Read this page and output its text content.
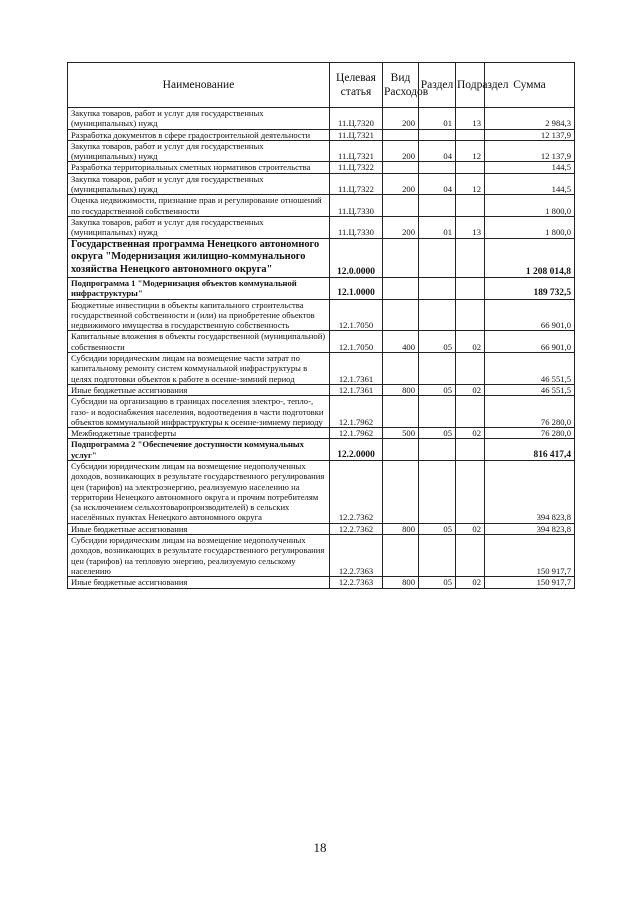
Наименование	Целевая статья	Вид Расходов	Раздел	Подраздел	Сумма
Закупка товаров, работ и услуг для государственных (муниципальных) нужд	11.Ц.7320	200	01	13	2 984,3
Разработка документов в сфере градостроительной деятельности	11.Ц.7321				12 137,9
Закупка товаров, работ и услуг для государственных (муниципальных) нужд	11.Ц.7321	200	04	12	12 137,9
Разработка территориальных сметных нормативов строительства	11.Ц.7322				144,5
Закупка товаров, работ и услуг для государственных (муниципальных) нужд	11.Ц.7322	200	04	12	144,5
Оценка недвижимости, признание прав и регулирование отношений по государственной собственности	11.Ц.7330				1 800,0
Закупка товаров, работ и услуг для государственных (муниципальных) нужд	11.Ц.7330	200	01	13	1 800,0
Государственная программа Ненецкого автономного округа "Модернизация жилищно-коммунального хозяйства Ненецкого автономного округа"	12.0.0000				1 208 014,8
Подпрограмма 1 "Модернизация объектов коммунальной инфраструктуры"	12.1.0000				189 732,5
Бюджетные инвестиции в объекты капитального строительства государственной собственности и (или) на приобретение объектов недвижимого имущества в государственную собственность	12.1.7050				66 901,0
Капитальные вложения в объекты государственной (муниципальной) собственности	12.1.7050	400	05	02	66 901,0
Субсидии юридическим лицам на возмещение части затрат по капитальному ремонту систем коммунальной инфраструктуры в целях подготовки объектов к работе в осенне-зимний период	12.1.7361				46 551,5
Иные бюджетные ассигнования	12.1.7361	800	05	02	46 551,5
Субсидии на организацию в границах поселения электро-, тепло-, газо- и водоснабжения населения, водоотведения в части подготовки объектов коммунальной инфраструктуры к осенне-зимнему периоду	12.1.7962				76 280,0
Межбюджетные трансферты	12.1.7962	500	05	02	76 280,0
Подпрограмма 2 "Обеспечение доступности коммунальных услуг"	12.2.0000				816 417,4
Субсидии юридическим лицам на возмещение недополученных доходов, возникающих в результате государственного регулирования цен (тарифов) на электроэнергию, реализуемую населению на территории Ненецкого автономного округа и прочим потребителям (за исключением сельхозтоваропроизводителей) в сельских населённых пунктах Ненецкого автономного округа	12.2.7362				394 823,8
Иные бюджетные ассигнования	12.2.7362	800	05	02	394 823,8
Субсидии юридическим лицам на возмещение недополученных доходов, возникающих в результате государственного регулирования цен (тарифов) на тепловую энергию, реализуемую сельскому населению	12.2.7363				150 917,7
Иные бюджетные ассигнования	12.2.7363	800	05	02	150 917,7
18
